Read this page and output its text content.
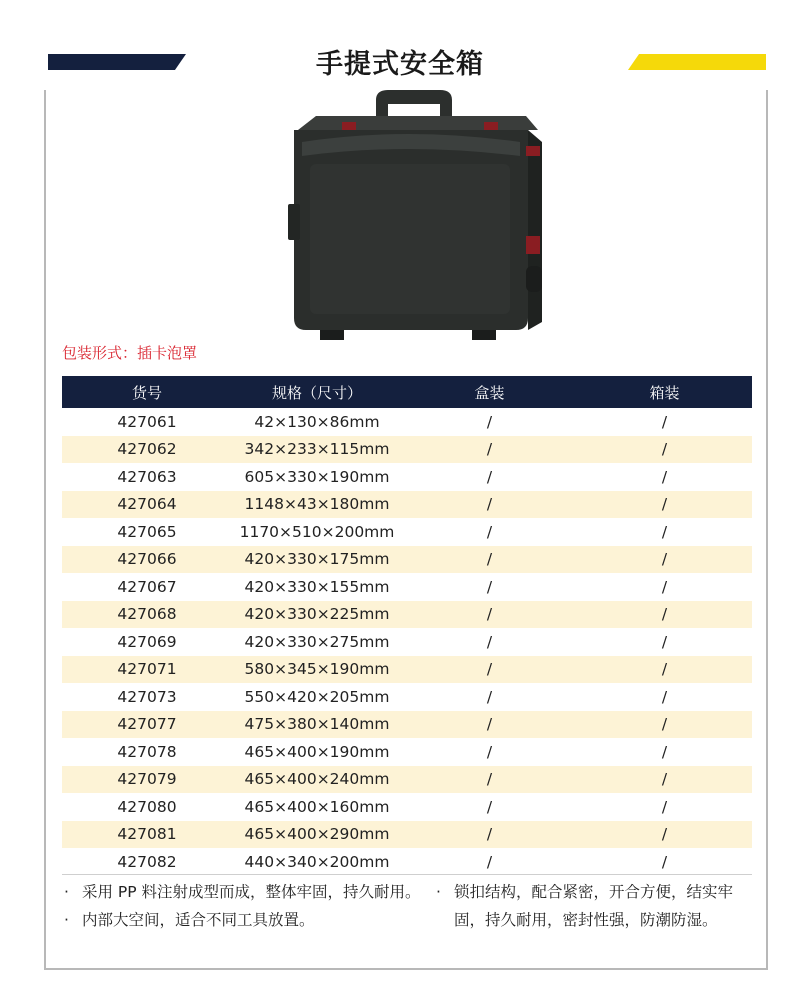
手提式安全箱
包装形式：插卡泡罩
货号	规格（尺寸）	盒装	箱装
427061	42×130×86mm	/	/
427062	342×233×115mm	/	/
427063	605×330×190mm	/	/
427064	1148×43×180mm	/	/
427065	1170×510×200mm	/	/
427066	420×330×175mm	/	/
427067	420×330×155mm	/	/
427068	420×330×225mm	/	/
427069	420×330×275mm	/	/
427071	580×345×190mm	/	/
427073	550×420×205mm	/	/
427077	475×380×140mm	/	/
427078	465×400×190mm	/	/
427079	465×400×240mm	/	/
427080	465×400×160mm	/	/
427081	465×400×290mm	/	/
427082	440×340×200mm	/	/
· 采用 PP 料注射成型而成，整体牢固，持久耐用。
· 内部大空间，适合不同工具放置。
· 锁扣结构，配合紧密，开合方便，结实牢固，持久耐用，密封性强，防潮防湿。
